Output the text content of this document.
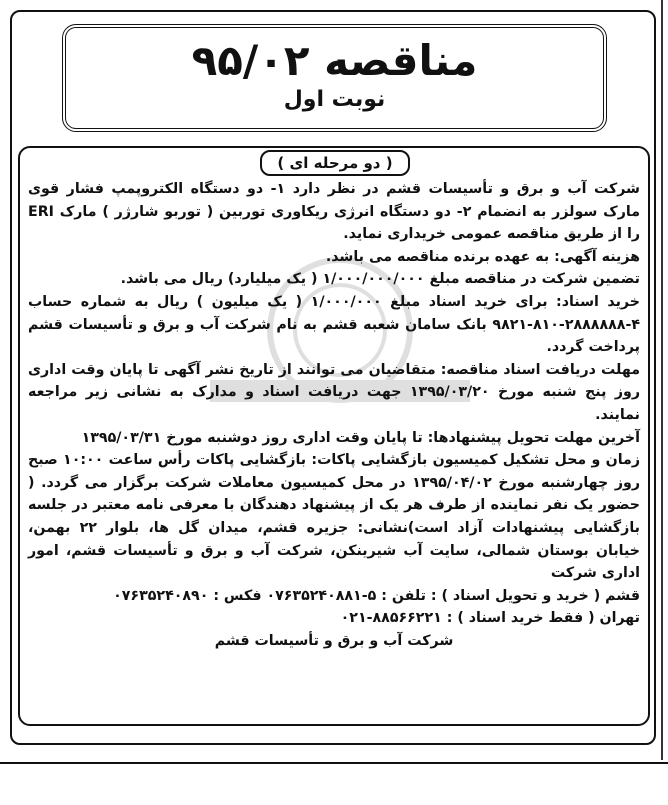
مناقصه ۹۵/۰۲
نوبت اول
( دو مرحله ای )

شرکت آب و برق و تأسیسات قشم در نظر دارد ۱- دو دستگاه الکتروپمپ فشار قوی مارک سولزر به انضمام ۲- دو دستگاه انرژی ریکاوری توربین ( توربو شارژر ) مارک ERI را از طریق مناقصه عمومی خریداری نماید.

هزینه آگهی: به عهده برنده مناقصه می باشد.

تضمین شرکت در مناقصه مبلغ ۱/۰۰۰/۰۰۰/۰۰۰ ( یک میلیارد) ریال می باشد.

خرید اسناد: برای خرید اسناد مبلغ ۱/۰۰۰/۰۰۰ ( یک میلیون ) ریال به شماره حساب ۴-۲۸۸۸۸۸۸-۸۱۰-۹۸۲۱ بانک سامان شعبه قشم به نام شرکت آب و برق و تأسیسات قشم پرداخت گردد.

مهلت دریافت اسناد مناقصه: متقاضیان می توانند از تاریخ نشر آگهی تا پایان وقت اداری روز پنج شنبه مورخ ۱۳۹۵/۰۳/۲۰ جهت دریافت اسناد و مدارک به نشانی زیر مراجعه نمایند.

آخرین مهلت تحویل پیشنهادها: تا پایان وقت اداری روز دوشنبه مورخ ۱۳۹۵/۰۳/۳۱

زمان و محل تشکیل کمیسیون بازگشایی پاکات: بازگشایی پاکات رأس ساعت ۱۰:۰۰ صبح روز چهارشنبه مورخ ۱۳۹۵/۰۴/۰۲ در محل کمیسیون معاملات شرکت برگزار می گردد. ( حضور یک نفر نماینده از طرف هر یک از پیشنهاد دهندگان با معرفی نامه معتبر در جلسه بازگشایی پیشنهادات آزاد است)نشانی: جزیره قشم، میدان گل ها، بلوار ۲۲ بهمن، خیابان بوستان شمالی، سایت آب شیرینکن، شرکت آب و برق و تأسیسات قشم، امور اداری شرکت

قشم ( خرید و تحویل اسناد ) : تلفن : ۵-۰۷۶۳۵۲۴۰۸۸۱ فکس : ۰۷۶۳۵۲۴۰۸۹۰

تهران ( فقط خرید اسناد ) : ۸۸۵۶۶۲۲۱-۰۲۱

شرکت آب و برق و تأسیسات قشم
